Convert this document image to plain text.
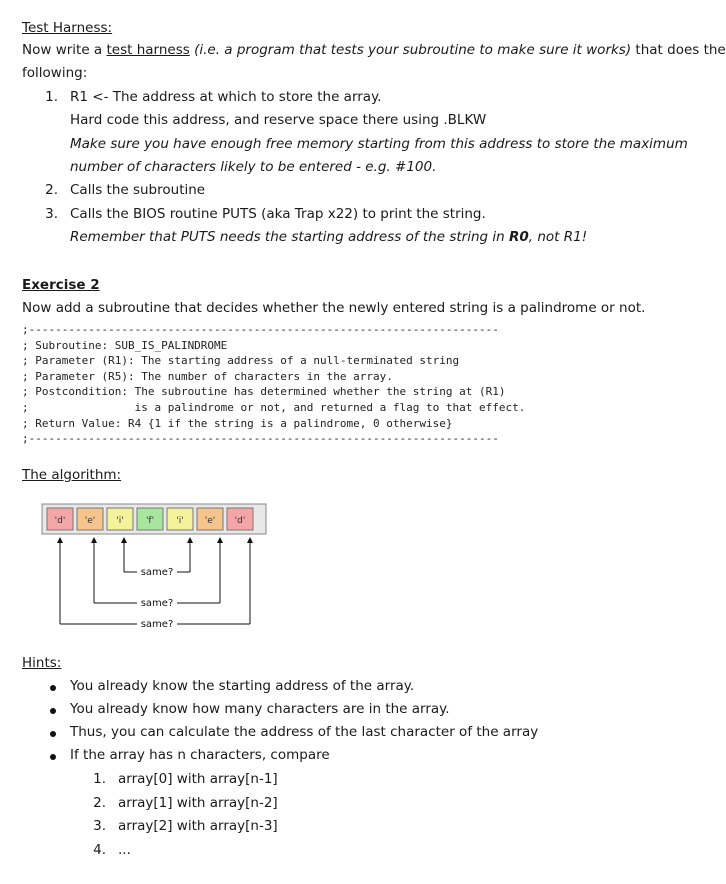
Test Harness:
Now write a test harness (i.e. a program that tests your subroutine to make sure it works) that does the
following:
1. R1 <- The address at which to store the array.
Hard code this address, and reserve space there using .BLKW
Make sure you have enough free memory starting from this address to store the maximum
number of characters likely to be entered - e.g. #100.
2. Calls the subroutine
3. Calls the BIOS routine PUTS (aka Trap x22) to print the string.
Remember that PUTS needs the starting address of the string in R0, not R1!
Exercise 2
Now add a subroutine that decides whether the newly entered string is a palindrome or not.
;-----------------------------------------------------------------------
; Subroutine: SUB_IS_PALINDROME
; Parameter (R1): The starting address of a null-terminated string
; Parameter (R5): The number of characters in the array.
; Postcondition: The subroutine has determined whether the string at (R1)
;                is a palindrome or not, and returned a flag to that effect.
; Return Value: R4 {1 if the string is a palindrome, 0 otherwise}
;-----------------------------------------------------------------------
The algorithm:
'd' 'e' 'i' 'f' 'i' 'e' 'd'
same?
same?
same?
Hints:
You already know the starting address of the array.
You already know how many characters are in the array.
Thus, you can calculate the address of the last character of the array
If the array has n characters, compare
1. array[0] with array[n-1]
2. array[1] with array[n-2]
3. array[2] with array[n-3]
4. ...
